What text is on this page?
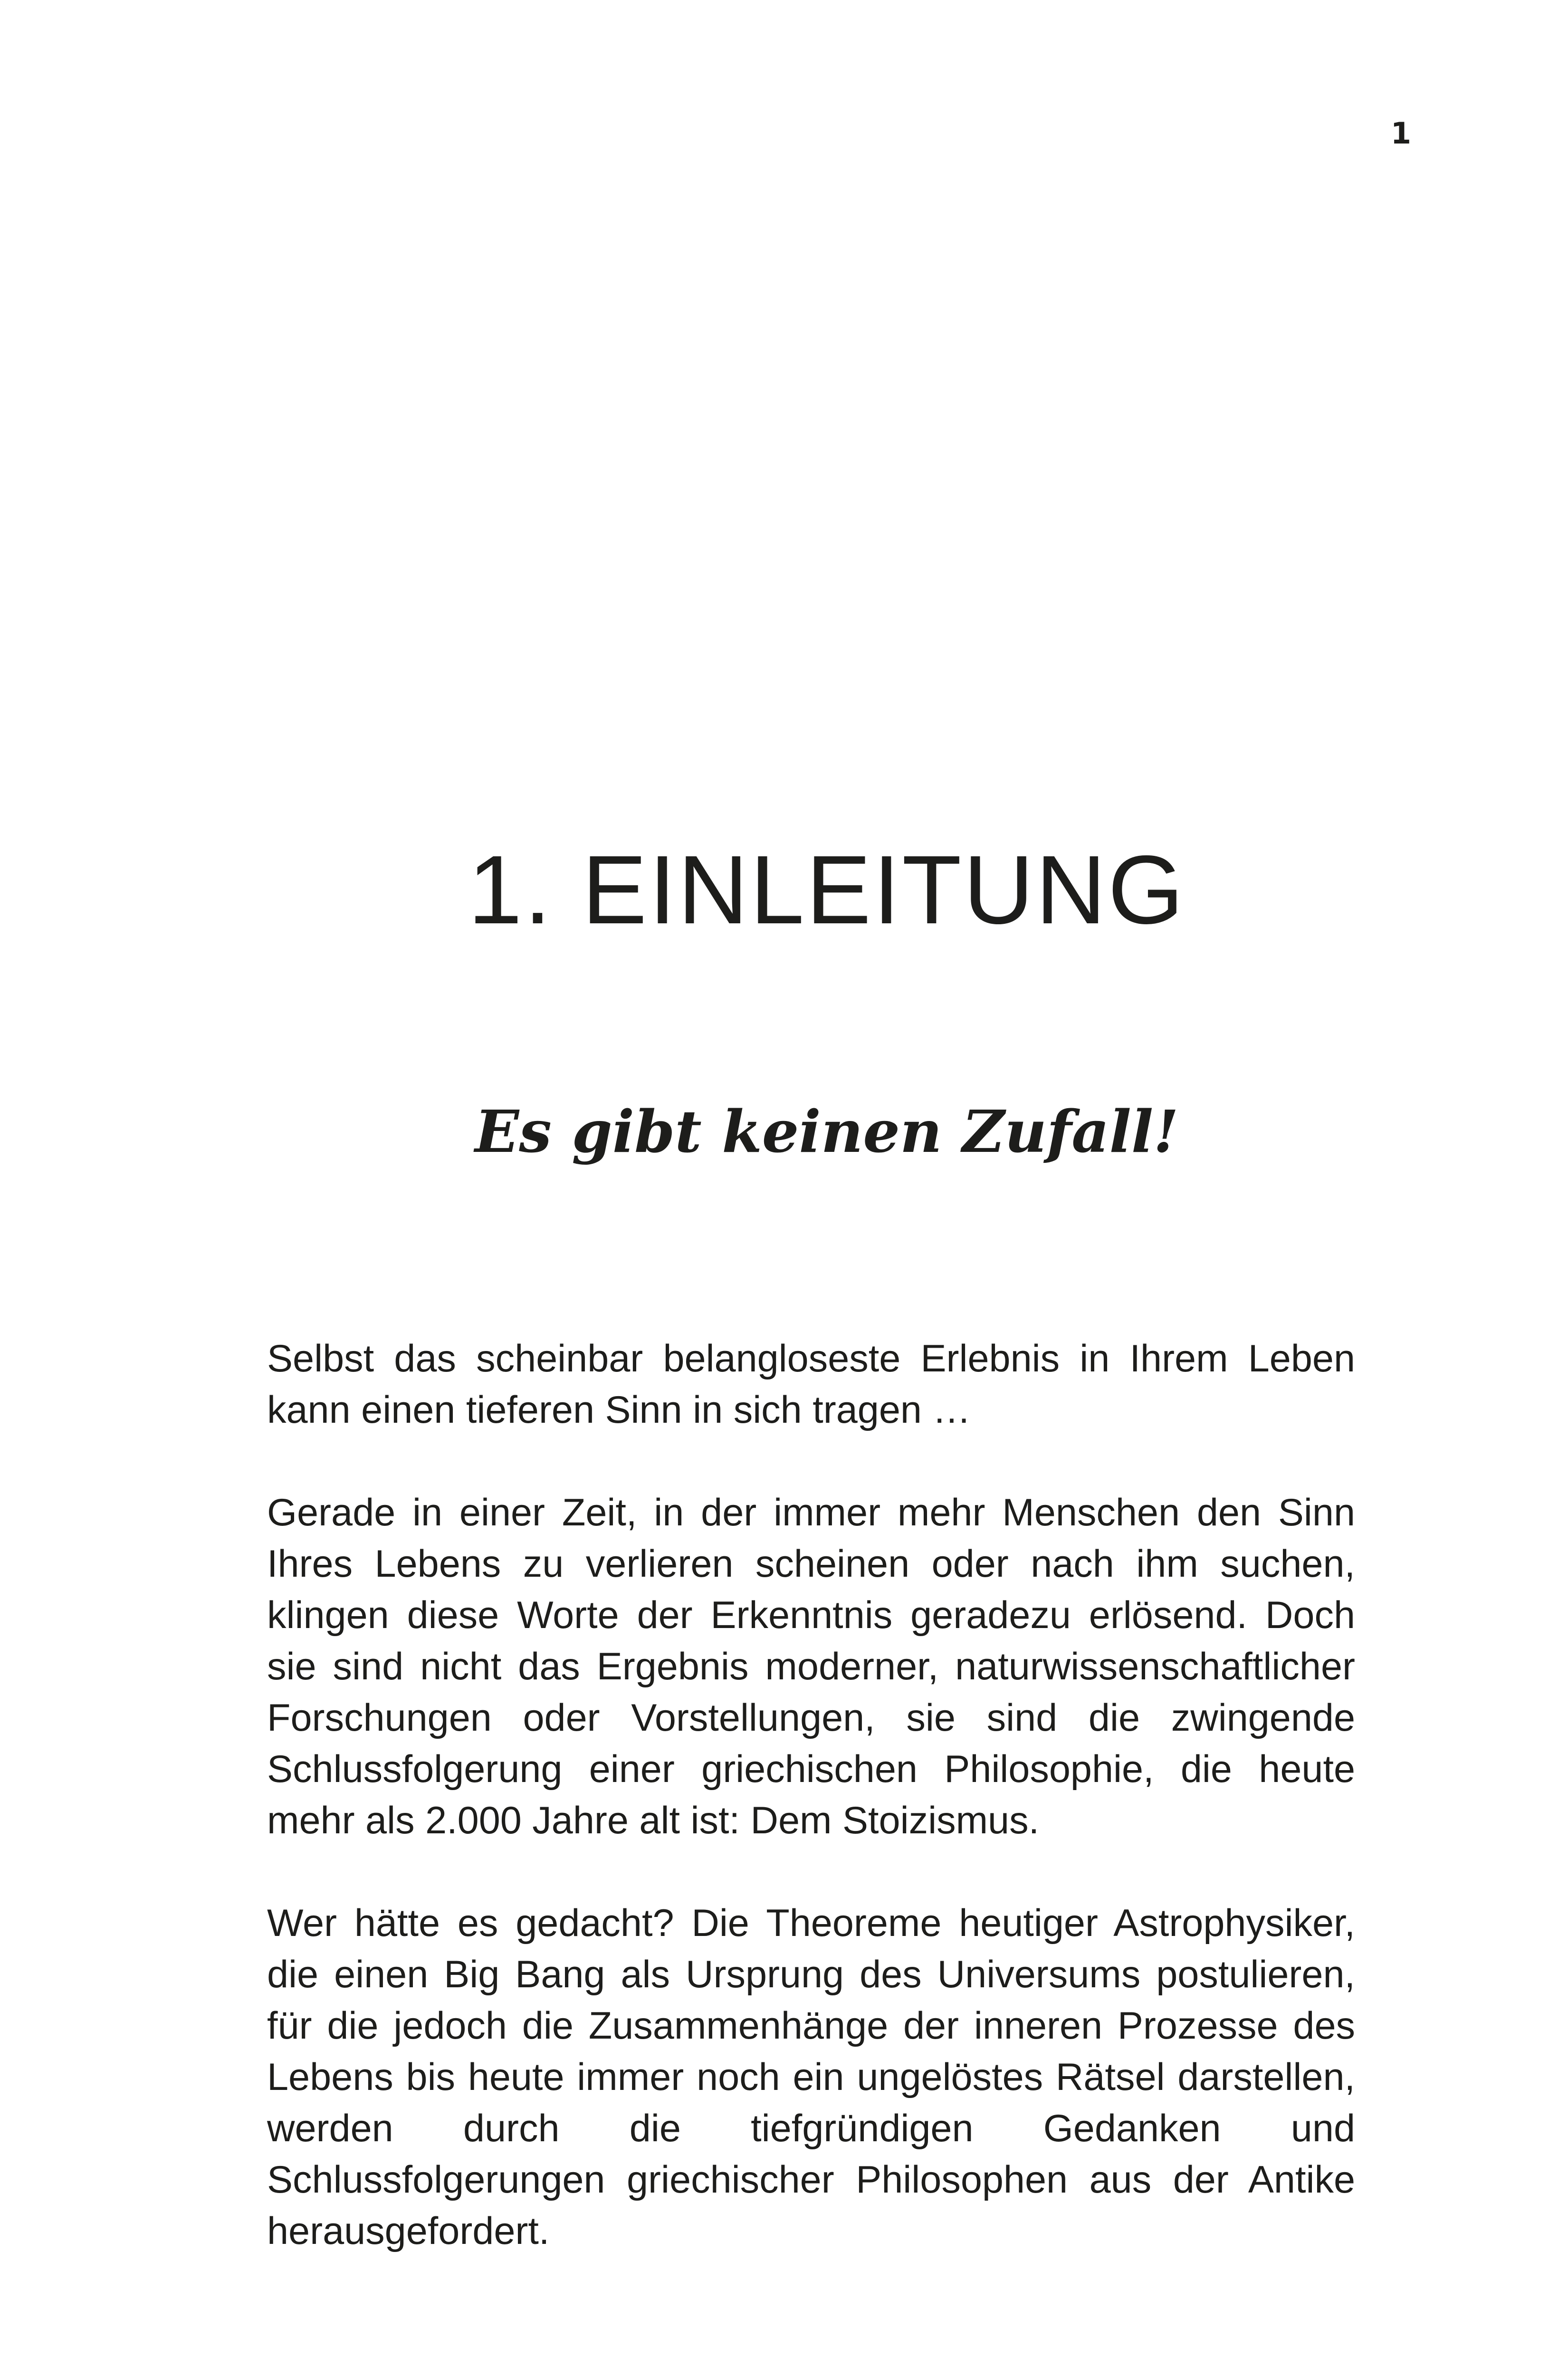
1
1. EINLEITUNG
Es gibt keinen Zufall!

Selbst das scheinbar belangloseste Erlebnis in Ihrem Leben kann einen tieferen Sinn in sich tragen …

Gerade in einer Zeit, in der immer mehr Menschen den Sinn Ihres Lebens zu verlieren scheinen oder nach ihm suchen, klingen diese Worte der Erkenntnis geradezu erlösend. Doch sie sind nicht das Ergebnis moderner, naturwissenschaftlicher Forschungen oder Vorstellungen, sie sind die zwingende Schlussfolgerung einer griechischen Philosophie, die heute mehr als 2.000 Jahre alt ist: Dem Stoizismus.

Wer hätte es gedacht? Die Theoreme heutiger Astrophysiker, die einen Big Bang als Ursprung des Universums postulieren, für die jedoch die Zusammenhänge der inneren Prozesse des Lebens bis heute immer noch ein ungelöstes Rätsel darstellen, werden durch die tiefgründigen Gedanken und Schlussfolgerungen griechischer Philosophen aus der Antike herausgefordert.
